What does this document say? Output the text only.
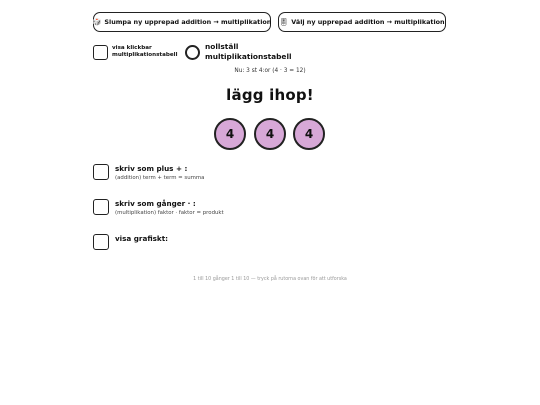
🎲 Slumpa ny upprepad addition → multiplikation 🎚 Välj ny upprepad addition → multiplikation
visa klickbar
multiplikationstabell
nollställ
multiplikationstabell
Nu: 3 st 4:or (4 · 3 = 12)
lägg ihop!
4	4	4
skriv som plus + :
(addition) term + term = summa
skriv som gånger · :
(multiplikation) faktor · faktor = produkt
visa grafiskt:
1 till 10 gånger 1 till 10 — tryck på rutorna ovan för att utforska
